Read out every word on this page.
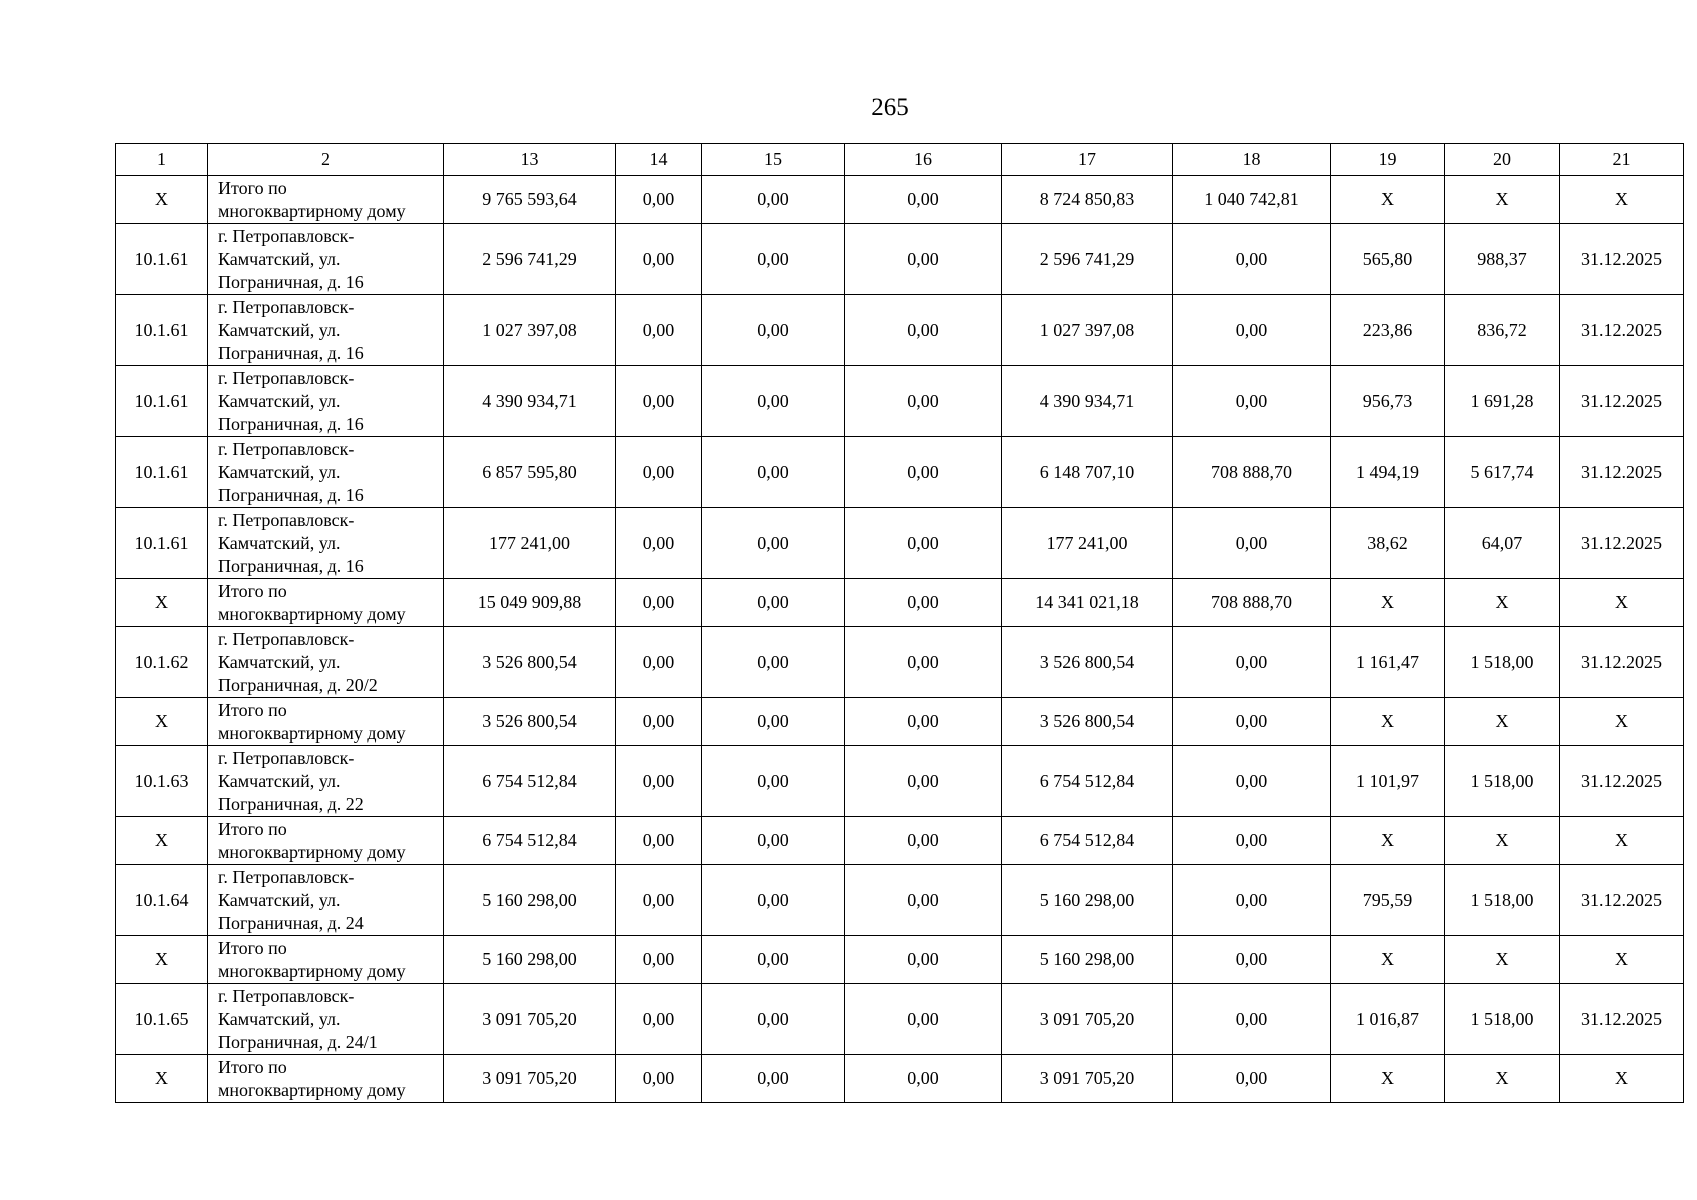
265
1	2	13	14	15	16	17	18	19	20	21
Х	Итого по
многоквартирному дому	9 765 593,64	0,00	0,00	0,00	8 724 850,83	1 040 742,81	Х	Х	Х
10.1.61	г. Петропавловск-
Камчатский, ул.
Пограничная, д. 16	2 596 741,29	0,00	0,00	0,00	2 596 741,29	0,00	565,80	988,37	31.12.2025
10.1.61	г. Петропавловск-
Камчатский, ул.
Пограничная, д. 16	1 027 397,08	0,00	0,00	0,00	1 027 397,08	0,00	223,86	836,72	31.12.2025
10.1.61	г. Петропавловск-
Камчатский, ул.
Пограничная, д. 16	4 390 934,71	0,00	0,00	0,00	4 390 934,71	0,00	956,73	1 691,28	31.12.2025
10.1.61	г. Петропавловск-
Камчатский, ул.
Пограничная, д. 16	6 857 595,80	0,00	0,00	0,00	6 148 707,10	708 888,70	1 494,19	5 617,74	31.12.2025
10.1.61	г. Петропавловск-
Камчатский, ул.
Пограничная, д. 16	177 241,00	0,00	0,00	0,00	177 241,00	0,00	38,62	64,07	31.12.2025
Х	Итого по
многоквартирному дому	15 049 909,88	0,00	0,00	0,00	14 341 021,18	708 888,70	Х	Х	Х
10.1.62	г. Петропавловск-
Камчатский, ул.
Пограничная, д. 20/2	3 526 800,54	0,00	0,00	0,00	3 526 800,54	0,00	1 161,47	1 518,00	31.12.2025
Х	Итого по
многоквартирному дому	3 526 800,54	0,00	0,00	0,00	3 526 800,54	0,00	Х	Х	Х
10.1.63	г. Петропавловск-
Камчатский, ул.
Пограничная, д. 22	6 754 512,84	0,00	0,00	0,00	6 754 512,84	0,00	1 101,97	1 518,00	31.12.2025
Х	Итого по
многоквартирному дому	6 754 512,84	0,00	0,00	0,00	6 754 512,84	0,00	Х	Х	Х
10.1.64	г. Петропавловск-
Камчатский, ул.
Пограничная, д. 24	5 160 298,00	0,00	0,00	0,00	5 160 298,00	0,00	795,59	1 518,00	31.12.2025
Х	Итого по
многоквартирному дому	5 160 298,00	0,00	0,00	0,00	5 160 298,00	0,00	Х	Х	Х
10.1.65	г. Петропавловск-
Камчатский, ул.
Пограничная, д. 24/1	3 091 705,20	0,00	0,00	0,00	3 091 705,20	0,00	1 016,87	1 518,00	31.12.2025
Х	Итого по
многоквартирному дому	3 091 705,20	0,00	0,00	0,00	3 091 705,20	0,00	Х	Х	Х
